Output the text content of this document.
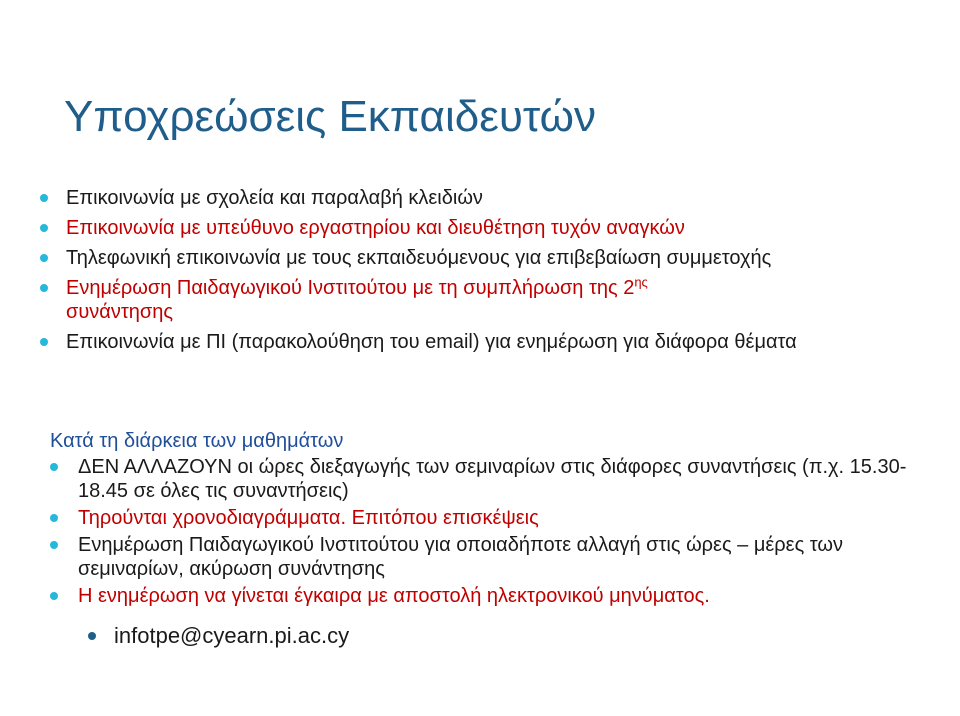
Υποχρεώσεις Εκπαιδευτών
Επικοινωνία με σχολεία και παραλαβή κλειδιών
Επικοινωνία με υπεύθυνο εργαστηρίου και διευθέτηση τυχόν αναγκών
Τηλεφωνική επικοινωνία με τους εκπαιδευόμενους για επιβεβαίωση συμμετοχής
Ενημέρωση Παιδαγωγικού Ινστιτούτου με τη συμπλήρωση της $2^{\eta\varsigma}$
συνάντησης
Επικοινωνία με ΠΙ (παρακολούθηση του email) για ενημέρωση για διάφορα θέματα

Κατά τη διάρκεια των μαθημάτων

ΔΕΝ ΑΛΛΑΖΟΥΝ οι ώρες διεξαγωγής των σεμιναρίων στις διάφορες συναντήσεις (π.χ. 15.30-18.45 σε όλες τις συναντήσεις)
Τηρούνται χρονοδιαγράμματα. Επιτόπου επισκέψεις
Ενημέρωση Παιδαγωγικού Ινστιτούτου για οποιαδήποτε αλλαγή στις ώρες – μέρες των σεμιναρίων, ακύρωση συνάντησης
Η ενημέρωση να γίνεται έγκαιρα με αποστολή ηλεκτρονικού μηνύματος.
infotpe@cyearn.pi.ac.cy
